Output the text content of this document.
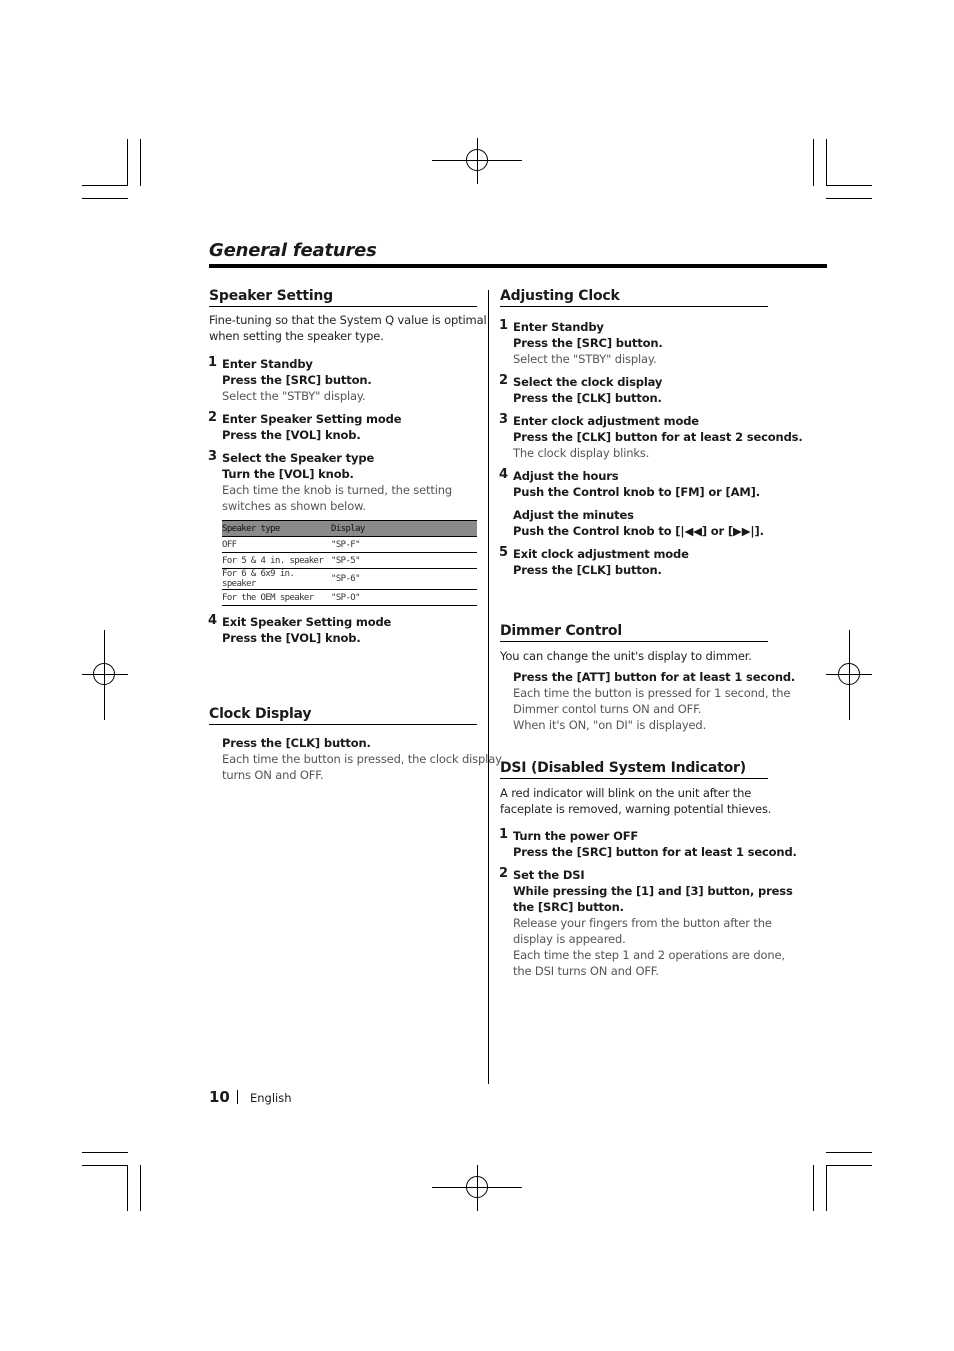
General features
Speaker Setting
Fine-tuning so that the System Q value is optimal
when setting the speaker type.
1 Enter Standby
Press the [SRC] button.
Select the "STBY" display.
2 Enter Speaker Setting mode
Press the [VOL] knob.
3 Select the Speaker type
Turn the [VOL] knob.
Each time the knob is turned, the setting
switches as shown below.
Speaker type	Display
OFF	"SP-F"
For 5 & 4 in. speaker	"SP-5"
For 6 & 6x9 in. speaker	"SP-6"
For the OEM speaker	"SP-O"
4 Exit Speaker Setting mode
Press the [VOL] knob.
Clock Display
Press the [CLK] button.
Each time the button is pressed, the clock display
turns ON and OFF.
Adjusting Clock
1 Enter Standby
Press the [SRC] button.
Select the "STBY" display.
2 Select the clock display
Press the [CLK] button.
3 Enter clock adjustment mode
Press the [CLK] button for at least 2 seconds.
The clock display blinks.
4 Adjust the hours
Push the Control knob to [FM] or [AM].
Adjust the minutes
Push the Control knob to [|◀◀] or [▶▶|].
5 Exit clock adjustment mode
Press the [CLK] button.
Dimmer Control
You can change the unit's display to dimmer.
Press the [ATT] button for at least 1 second.
Each time the button is pressed for 1 second, the
Dimmer contol turns ON and OFF.
When it's ON, "on DI" is displayed.
DSI (Disabled System Indicator)
A red indicator will blink on the unit after the
faceplate is removed, warning potential thieves.
1 Turn the power OFF
Press the [SRC] button for at least 1 second.
2 Set the DSI
While pressing the [1] and [3] button, press
the [SRC] button.
Release your fingers from the button after the
display is appeared.
Each time the step 1 and 2 operations are done,
the DSI turns ON and OFF.
10 English
